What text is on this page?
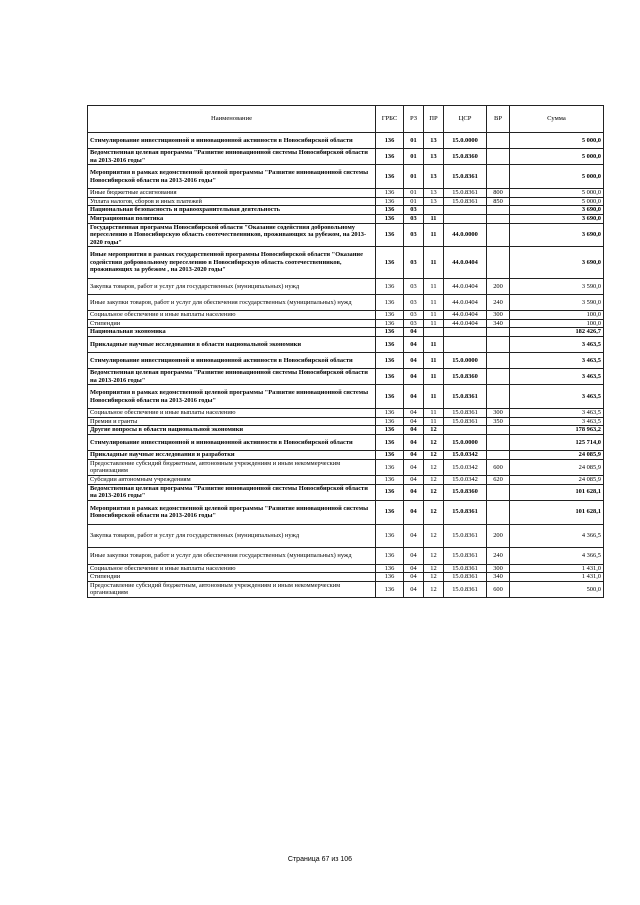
Наименование	ГРБС	РЗ	ПР	ЦСР	ВР	Сумма
Стимулирование инвестиционной и инновационной активности в Новосибирской области	136	01	13	15.0.0000		5 000,0
Ведомственная целевая программа "Развитие инновационной системы Новосибирской области на 2013-2016 годы"	136	01	13	15.0.8360		5 000,0
Мероприятия в рамках ведомственной целевой программы "Развитие инновационной системы Новосибирской области на 2013-2016 годы"	136	01	13	15.0.8361		5 000,0
Иные бюджетные ассигнования	136	01	13	15.0.8361	800	5 000,0
Уплата налогов, сборов и иных платежей	136	01	13	15.0.8361	850	5 000,0
Национальная безопасность и правоохранительная деятельность	136	03				3 690,0
Миграционная политика	136	03	11			3 690,0
Государственная программа Новосибирской области "Оказание содействия добровольному переселению в Новосибирскую область соотечественников, проживающих за рубежом, на 2013-2020 годы"	136	03	11	44.0.0000		3 690,0
Иные мероприятия в рамках государственной программы Новосибирской области "Оказание содействия добровольному переселению в Новосибирскую область соотечественников, проживающих за рубежом , на 2013-2020 годы"	136	03	11	44.0.0404		3 690,0
Закупка товаров, работ и услуг для государственных (муниципальных) нужд	136	03	11	44.0.0404	200	3 590,0
Иные закупки товаров, работ и услуг для обеспечения государственных (муниципальных) нужд	136	03	11	44.0.0404	240	3 590,0
Социальное обеспечение и иные выплаты населению	136	03	11	44.0.0404	300	100,0
Стипендии	136	03	11	44.0.0404	340	100,0
Национальная экономика	136	04				182 426,7
Прикладные научные исследования в области национальной экономики	136	04	11			3 463,5
Стимулирование инвестиционной и инновационной активности в Новосибирской области	136	04	11	15.0.0000		3 463,5
Ведомственная целевая программа "Развитие инновационной системы Новосибирской области на 2013-2016 годы"	136	04	11	15.0.8360		3 463,5
Мероприятия в рамках ведомственной целевой программы "Развитие инновационной системы Новосибирской области на 2013-2016 годы"	136	04	11	15.0.8361		3 463,5
Социальное обеспечение и иные выплаты населению	136	04	11	15.0.8361	300	3 463,5
Премии и гранты	136	04	11	15.0.8361	350	3 463,5
Другие вопросы в области национальной экономики	136	04	12			178 963,2
Стимулирование инвестиционной и инновационной активности в Новосибирской области	136	04	12	15.0.0000		125 714,0
Прикладные научные исследования и разработки	136	04	12	15.0.0342		24 085,9
Предоставление субсидий бюджетным, автономным учреждениям и иным некоммерческим организациям	136	04	12	15.0.0342	600	24 085,9
Субсидии автономным учреждениям	136	04	12	15.0.0342	620	24 085,9
Ведомственная целевая программа "Развитие инновационной системы Новосибирской области на 2013-2016 годы"	136	04	12	15.0.8360		101 628,1
Мероприятия в рамках ведомственной целевой программы "Развитие инновационной системы Новосибирской области на 2013-2016 годы"	136	04	12	15.0.8361		101 628,1
Закупка товаров, работ и услуг для государственных (муниципальных) нужд	136	04	12	15.0.8361	200	4 366,5
Иные закупки товаров, работ и услуг для обеспечения государственных (муниципальных) нужд	136	04	12	15.0.8361	240	4 366,5
Социальное обеспечение и иные выплаты населению	136	04	12	15.0.8361	300	1 431,0
Стипендии	136	04	12	15.0.8361	340	1 431,0
Предоставление субсидий бюджетным, автономным учреждениям и иным некоммерческим организациям	136	04	12	15.0.8361	600	500,0
Страница 67 из 106
